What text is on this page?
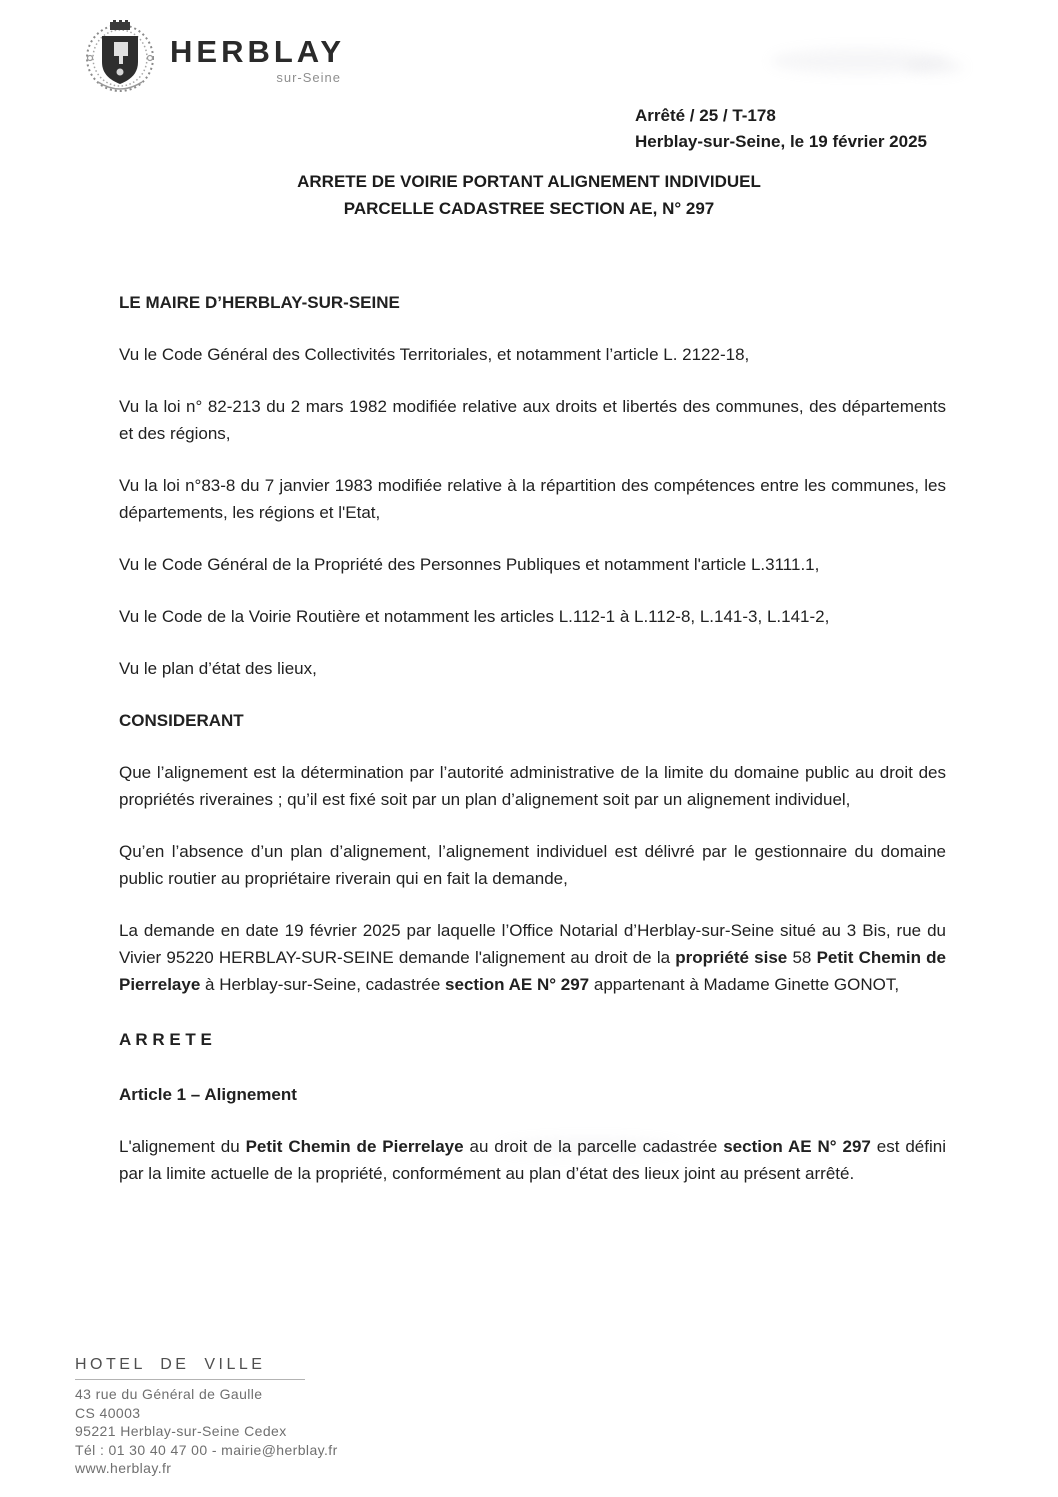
HERBLAY
sur-Seine
Arrêté / 25 / T-178
Herblay-sur-Seine, le 19 février 2025
ARRETE DE VOIRIE PORTANT ALIGNEMENT INDIVIDUEL
PARCELLE CADASTREE SECTION AE, N° 297
LE MAIRE D’HERBLAY-SUR-SEINE
Vu le Code Général des Collectivités Territoriales, et notamment l’article L. 2122-18,
Vu la loi n° 82-213 du 2 mars 1982 modifiée relative aux droits et libertés des communes, des départements et des régions,
Vu la loi n°83-8 du 7 janvier 1983 modifiée relative à la répartition des compétences entre les communes, les départements, les régions et l'Etat,
Vu le Code Général de la Propriété des Personnes Publiques et notamment l'article L.3111.1,
Vu le Code de la Voirie Routière et notamment les articles L.112-1 à L.112-8, L.141-3, L.141-2,
Vu le plan d’état des lieux,
CONSIDERANT
Que l’alignement est la détermination par l’autorité administrative de la limite du domaine public au droit des propriétés riveraines ; qu’il est fixé soit par un plan d’alignement soit par un alignement individuel,
Qu’en l’absence d’un plan d’alignement, l’alignement individuel est délivré par le gestionnaire du domaine public routier au propriétaire riverain qui en fait la demande,
La demande en date 19 février 2025 par laquelle l’Office Notarial d’Herblay-sur-Seine situé au 3 Bis, rue du Vivier 95220 HERBLAY-SUR-SEINE demande l'alignement au droit de la propriété sise 58 Petit Chemin de Pierrelaye à Herblay-sur-Seine, cadastrée section AE N° 297 appartenant à Madame Ginette GONOT,
A R R E T E
Article 1 – Alignement
L'alignement du Petit Chemin de Pierrelaye au droit de la parcelle cadastrée section AE N° 297 est défini par la limite actuelle de la propriété, conformément au plan d’état des lieux joint au présent arrêté.
HOTEL DE VILLE
43 rue du Général de Gaulle
CS 40003
95221 Herblay-sur-Seine Cedex
Tél : 01 30 40 47 00 - mairie@herblay.fr
www.herblay.fr
